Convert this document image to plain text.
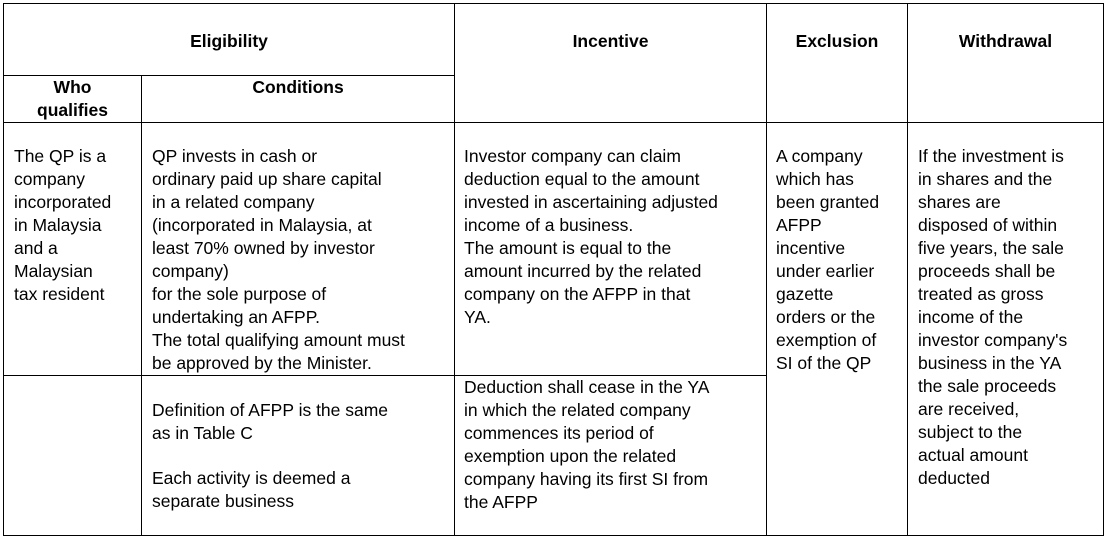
Eligibility
Who
qualifies
Conditions
Incentive	Exclusion	Withdrawal
The QP is a
company
incorporated
in Malaysia
and a
Malaysian
tax resident
QP invests in cash or
ordinary paid up share capital
in a related company
(incorporated in Malaysia, at
least 70% owned by investor
company)
for the sole purpose of
undertaking an AFPP.
The total qualifying amount must
be approved by the Minister.
Investor company can claim
deduction equal to the amount
invested in ascertaining adjusted
income of a business.
The amount is equal to the
amount incurred by the related
company on the AFPP in that
YA.
A company
which has
been granted
AFPP
incentive
under earlier
gazette
orders or the
exemption of
SI of the QP
If the investment is
in shares and the
shares are
disposed of within
five years, the sale
proceeds shall be
treated as gross
income of the
investor company's
business in the YA
the sale proceeds
are received,
subject to the
actual amount
deducted
Definition of AFPP is the same
as in Table C
Each activity is deemed a
separate business
Deduction shall cease in the YA
in which the related company
commences its period of
exemption upon the related
company having its first SI from
the AFPP
